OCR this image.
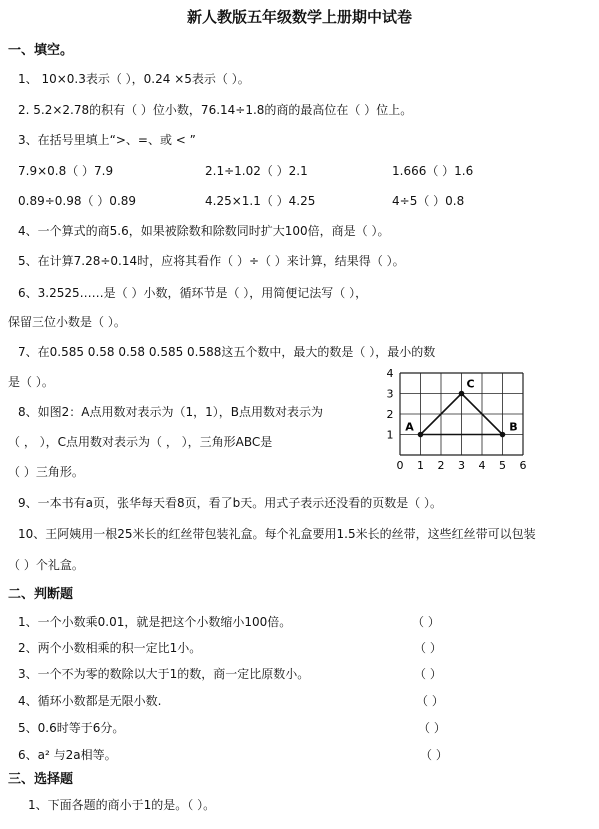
新人教版五年级数学上册期中试卷
一、填空。
1、 10×0.3表示（ ），0.24 ×5表示（ ）。
2. 5.2×2.78的积有（ ）位小数，76.14÷1.8的商的最高位在（ ）位上。
3、在括号里填上“>、=、或 < ”
7.9×0.8（ ）7.9	2.1÷1.02（ ）2.1	1.666（ ）1.6̇
0.89÷0.98（ ）0.89	4.25×1.1（ ）4.25	4÷5（ ）0.8
4、一个算式的商5.6，如果被除数和除数同时扩大100倍，商是（ ）。
5、在计算7.28÷0.14时，应将其看作（ ）÷（ ）来计算，结果得（ ）。
6、3.2525……是（ ）小数，循环节是（ ），用简便记法写（ ），
保留三位小数是（ ）。
7、在0.585 0.58 0.58̇ 0.585̇ 0.588这五个数中，最大的数是（ ），最小的数
是（ ）。
8、如图2：A点用数对表示为（1，1），B点用数对表示为
（ ， ），C点用数对表示为（ ， ），三角形ABC是
（ ）三角形。	0 1 2 3 4 5 6
1
2
3
4
A	B
C
9、一本书有a页，张华每天看8页，看了b天。用式子表示还没看的页数是（ ）。
10、王阿姨用一根25米长的红丝带包装礼盒。每个礼盒要用1.5米长的丝带，这些红丝带可以包装
（ ）个礼盒。
二、判断题
1、一个小数乘0.01，就是把这个小数缩小100倍。	（ ）
2、两个小数相乘的积一定比1小。	（ ）
3、一个不为零的数除以大于1的数，商一定比原数小。	（ ）
4、循环小数都是无限小数.	（ ）
5、0.6时等于6分。	（ ）
6、a² 与2a相等。	（ ）
三、选择题
1、下面各题的商小于1的是。（ ）。
